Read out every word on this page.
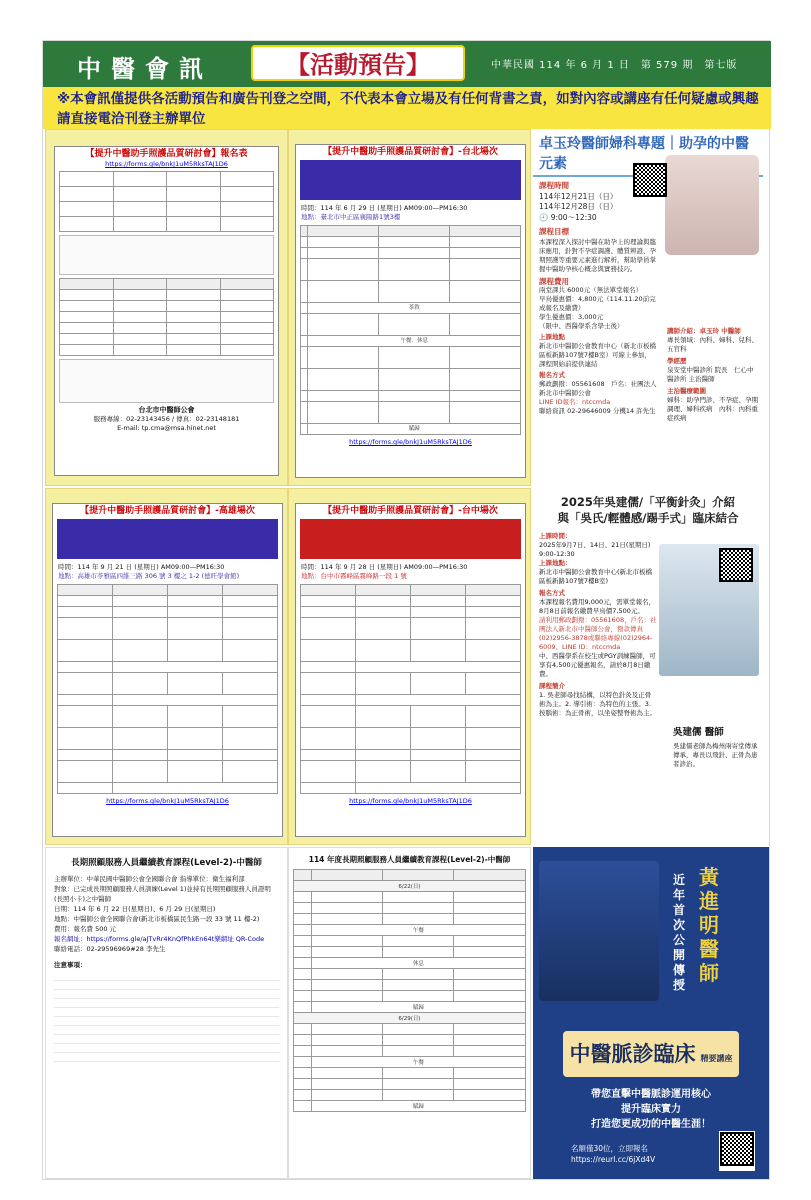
中醫會訊	【活動預告】	中華民國 114 年 6 月 1 日　第 579 期　第七版
※本會訊僅提供各活動預告和廣告刊登之空間，不代表本會立場及有任何背書之責，如對內容或講座有任何疑慮或興趣請直接電洽刊登主辦單位
【提升中醫助手照護品質研討會】報名表
https://forms.gle/bnkJ1uM5RksTAJ1D6

台北市中醫師公會
服務專線：02-23143456 / 傳真：02-23148181
E-mail: tp.cma@msa.hinet.net
【提升中醫助手照護品質研討會】-台北場次
時間：114 年 6 月 29 日 (星期日) AM09:00—PM16:30
地點：臺北市中正區襄陽路1號3樓

	茶敘		

	午餐．休息		

	賦歸		
https://forms.gle/bnkJ1uM5RksTAJ1D6
卓玉玲醫師婦科專題｜助孕的中醫元素
課程時間
114年12月21日（日）
114年12月28日（日）
🕘 9:00～12:30
課程目標
本課程深入探討中醫在助孕上的理論與臨床應用，針對不孕症調護、體質辨證、孕期照護等重要元素進行解析，幫助學員掌握中醫助孕核心概念與實務技巧。
課程費用
兩堂課共 6000元（無法單堂報名）
早鳥優惠價：4,800元（114.11.20前完成報名及繳費）
學生優惠價：3,000元
（限中、西醫學系含學士後）
上課地點
新北市中醫師公會教育中心（新北市板橋區板新路107號7樓B室）可線上參加，課程開始前提供連結
報名方式
郵政劃撥：05561608　戶名：社團法人新北市中醫師公會
LINE ID報名：ntccmda
聯絡資訊 02-29646009 分機14 許先生
講師介紹：卓玉玲 中醫師
專長領域：內科、婦科、兒科、五官科
學經歷
泉安堂中醫診所 院長　仁心中醫診所 主治醫師
主治醫療範圍
婦科：助孕門診、不孕症、孕期調理、婦科疾病　內科：內科重症疾病
【提升中醫助手照護品質研討會】-高雄場次
時間：114 年 9 月 21 日 (星期日) AM09:00—PM16:30
地點：高雄市苓雅區四維三路 306 號 3 樓之 1-2 (德旺學會館)

https://forms.gle/bnkJ1uM5RksTAJ1D6
【提升中醫助手照護品質研討會】-台中場次
時間：114 年 9 月 28 日 (星期日) AM09:00—PM16:30
地點：台中市霧峰區霧峰路一段 1 號

https://forms.gle/bnkJ1uM5RksTAJ1D6
2025年吳建儒/「平衡針灸」介紹
與「吳氏/輕體感/踢手式」臨床結合
上課時間：
2025年9月7日、14日、21日(星期日) 9:00-12:30
上課地點：
新北市中醫師公會教育中心(新北市板橋區板新路107號7樓B室)
報名方式
本課程報名費用9,000元，需單堂報名，8月8日前報名繳費早鳥價7,500元。
請利用郵政劃撥：05561608，戶名：社團法人新北市中醫師公會，撥款傳真(02)2956-3878或聯絡專線(02)2964-6009、LINE ID：ntccmda
中、西醫學系在校生或PGY訓練醫師，可享有4,500元優惠報名，請於8月8日繳費。
課程簡介
1. 吳老師尋找結構，以特色針灸及正骨術為主。2. 導引術：為特色的主張。3. 按腦術：為正骨術，以坐姿整脊術為主。
吳建儒 醫師
吳建儒老師為梅州兩寄堂傳承傳承，專長以飛針、正骨為患者診治。
長期照顧服務人員繼續教育課程(Level-2)-中醫師
主辦單位：中華民國中醫師公會全國聯合會 指導單位：衛生福利部
對象：已完成長期照顧服務人員訓練(Level 1)並持有長期照顧服務人員證明(長照小卡)之中醫師
日期：114 年 6 月 22 日(星期日)、6 月 29 日(星期日)
地點：中醫師公會全國聯合會(新北市板橋區民生路一段 33 號 11 樓-2)
費用：報名費 500 元
報名網址：https://forms.gle/aJTvRr4KnQfPhkEn64t樂網址 QR-Code
聯絡電話：02-29596969#28 李先生
注意事項：
114 年度長期照顧服務人員繼續教育課程(Level-2)-中醫師

6/22(日)			

	午餐		

	休息		

	賦歸		
6/29(日)			

	午餐		

	賦歸		
近年首次公開傳授
黃進明醫師
中醫脈診臨床 精要講座
帶您直擊中醫脈診運用核心
提升臨床實力
打造您更成功的中醫生涯！
名額僅30位，立即報名
https://reurl.cc/6jXd4V
